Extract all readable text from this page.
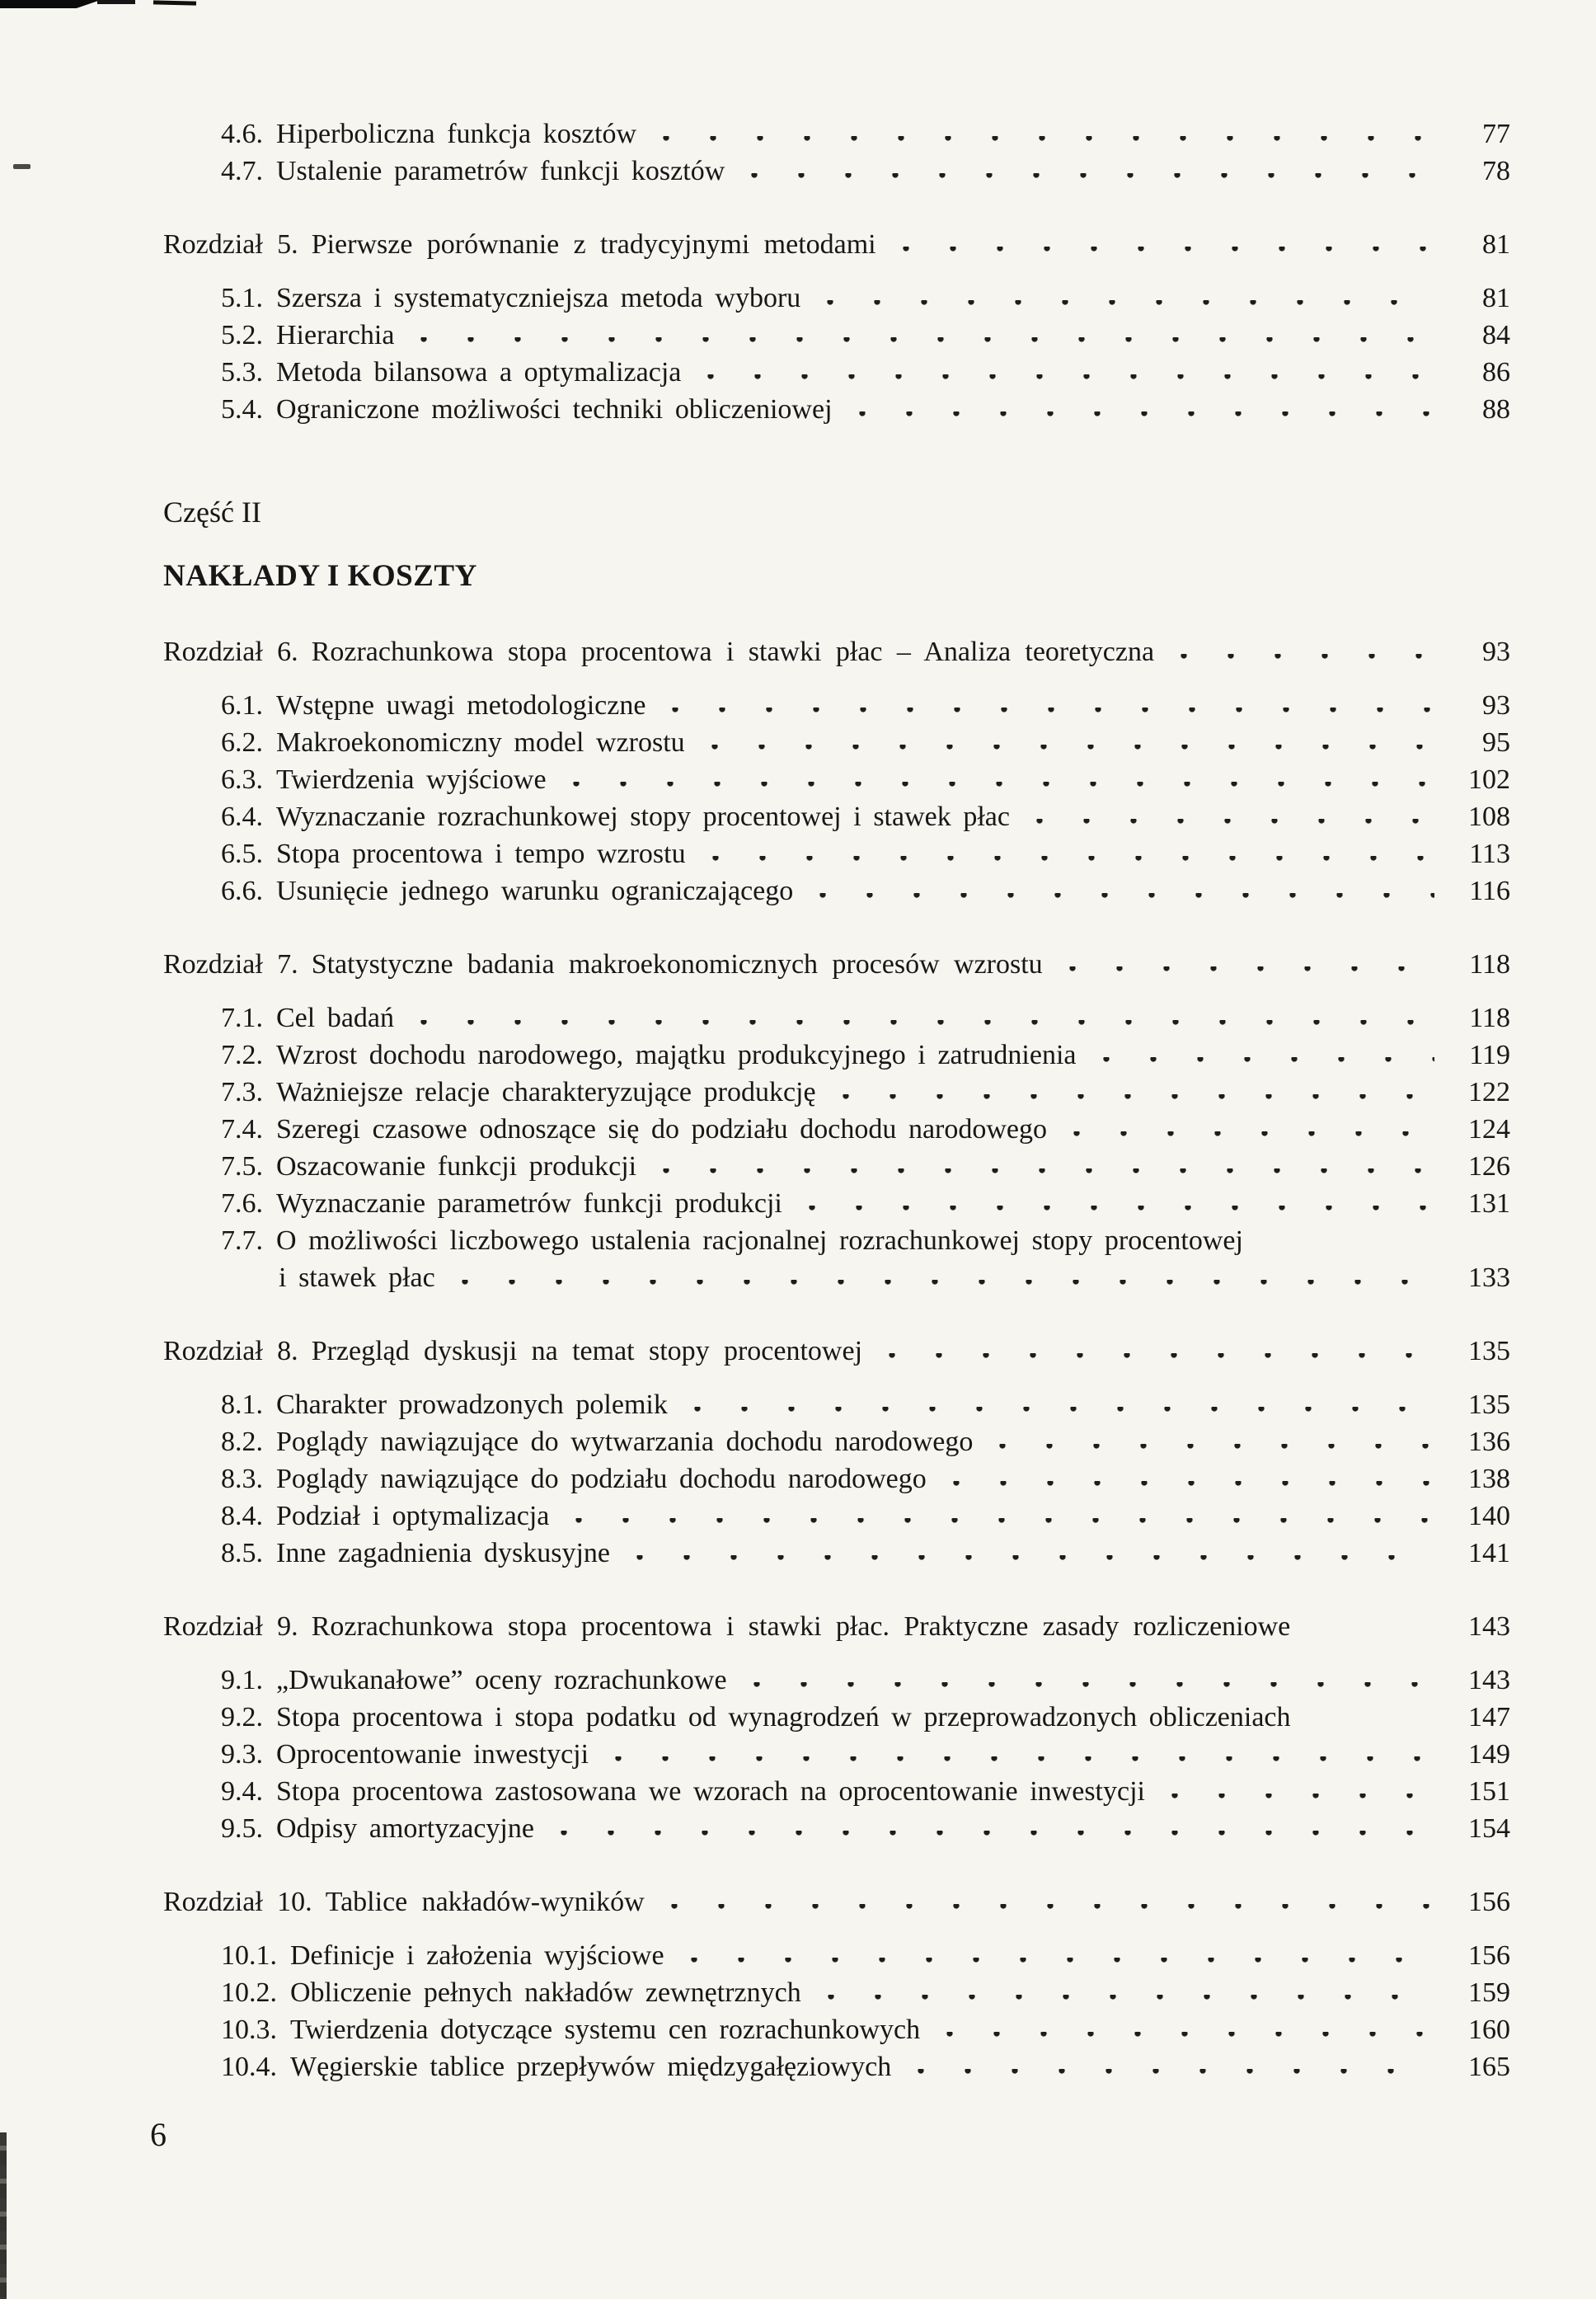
4.6. Hiperboliczna funkcja kosztów	77
4.7. Ustalenie parametrów funkcji kosztów	78
Rozdział 5. Pierwsze porównanie z tradycyjnymi metodami	81
5.1. Szersza i systematyczniejsza metoda wyboru	81
5.2. Hierarchia	84
5.3. Metoda bilansowa a optymalizacja	86
5.4. Ograniczone możliwości techniki obliczeniowej	88
Część II
NAKŁADY I KOSZTY
Rozdział 6. Rozrachunkowa stopa procentowa i stawki płac – Analiza teoretyczna	93
6.1. Wstępne uwagi metodologiczne	93
6.2. Makroekonomiczny model wzrostu	95
6.3. Twierdzenia wyjściowe	102
6.4. Wyznaczanie rozrachunkowej stopy procentowej i stawek płac	108
6.5. Stopa procentowa i tempo wzrostu	113
6.6. Usunięcie jednego warunku ograniczającego	116
Rozdział 7. Statystyczne badania makroekonomicznych procesów wzrostu	118
7.1. Cel badań	118
7.2. Wzrost dochodu narodowego, majątku produkcyjnego i zatrudnienia	119
7.3. Ważniejsze relacje charakteryzujące produkcję	122
7.4. Szeregi czasowe odnoszące się do podziału dochodu narodowego	124
7.5. Oszacowanie funkcji produkcji	126
7.6. Wyznaczanie parametrów funkcji produkcji	131
7.7. O możliwości liczbowego ustalenia racjonalnej rozrachunkowej stopy procentowej
i stawek płac	133
Rozdział 8. Przegląd dyskusji na temat stopy procentowej	135
8.1. Charakter prowadzonych polemik	135
8.2. Poglądy nawiązujące do wytwarzania dochodu narodowego	136
8.3. Poglądy nawiązujące do podziału dochodu narodowego	138
8.4. Podział i optymalizacja	140
8.5. Inne zagadnienia dyskusyjne	141
Rozdział 9. Rozrachunkowa stopa procentowa i stawki płac. Praktyczne zasady rozliczeniowe	143
9.1. „Dwukanałowe” oceny rozrachunkowe	143
9.2. Stopa procentowa i stopa podatku od wynagrodzeń w przeprowadzonych obliczeniach	147
9.3. Oprocentowanie inwestycji	149
9.4. Stopa procentowa zastosowana we wzorach na oprocentowanie inwestycji	151
9.5. Odpisy amortyzacyjne	154
Rozdział 10. Tablice nakładów-wyników	156
10.1. Definicje i założenia wyjściowe	156
10.2. Obliczenie pełnych nakładów zewnętrznych	159
10.3. Twierdzenia dotyczące systemu cen rozrachunkowych	160
10.4. Węgierskie tablice przepływów międzygałęziowych	165
6
